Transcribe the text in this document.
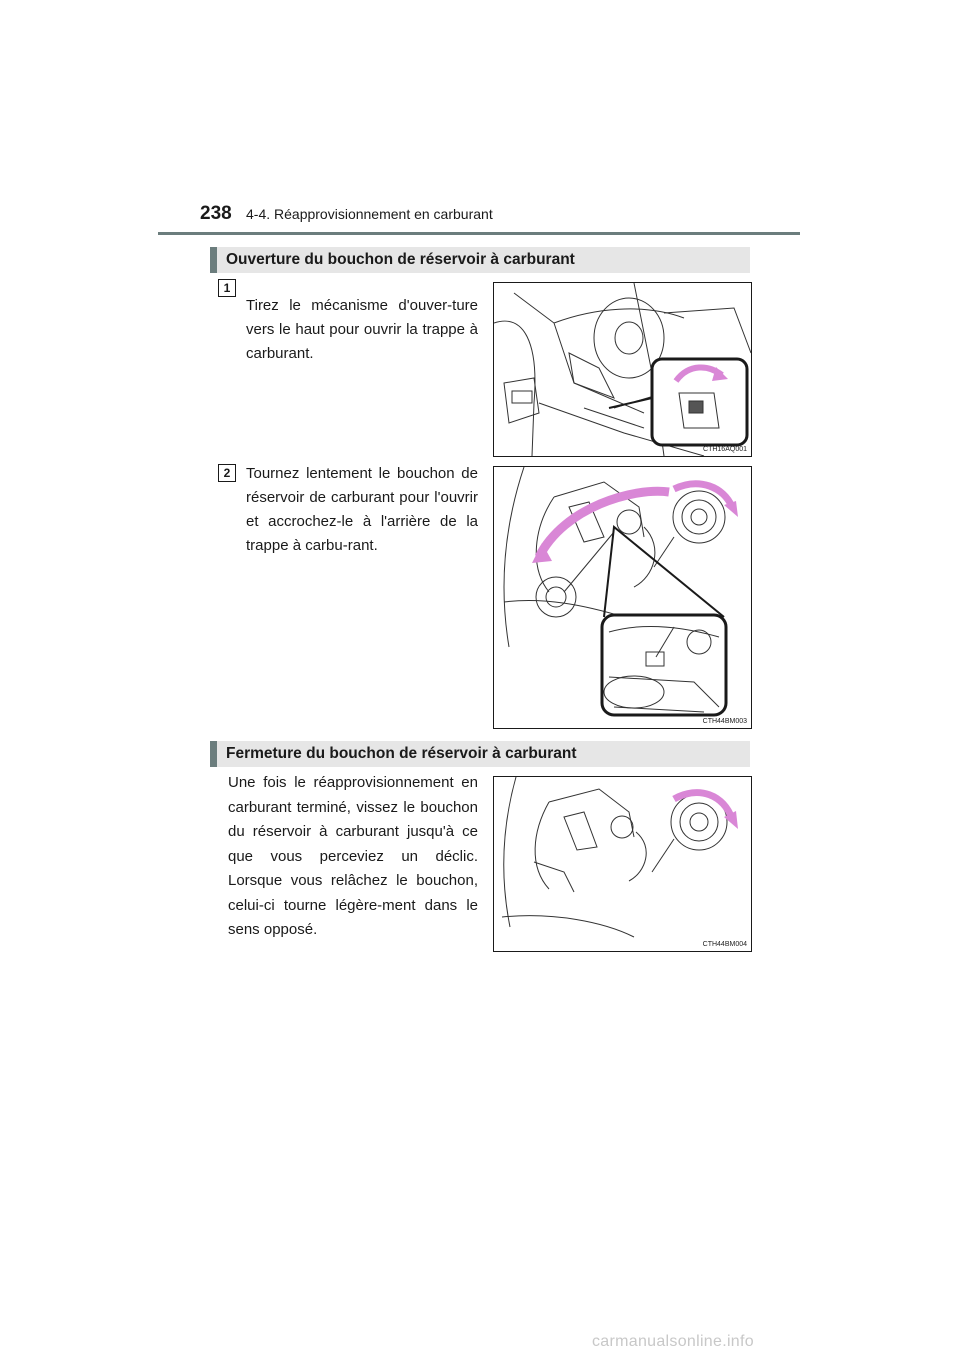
238 4-4. Réapprovisionnement en carburant
Ouverture du bouchon de réservoir à carburant
1
Tirez le mécanisme d'ouver-ture vers le haut pour ouvrir la trappe à carburant.
CTH16AQ001
2	Tournez lentement le bouchon de réservoir de carburant pour l'ouvrir et accrochez-le à l'arrière de la trappe à carbu-rant.
CTH44BM003
Fermeture du bouchon de réservoir à carburant
Une fois le réapprovisionnement en carburant terminé, vissez le bouchon du réservoir à carburant jusqu'à ce que vous perceviez un déclic. Lorsque vous relâchez le bouchon, celui-ci tourne légère-ment dans le sens opposé.
CTH44BM004
carmanualsonline.info
